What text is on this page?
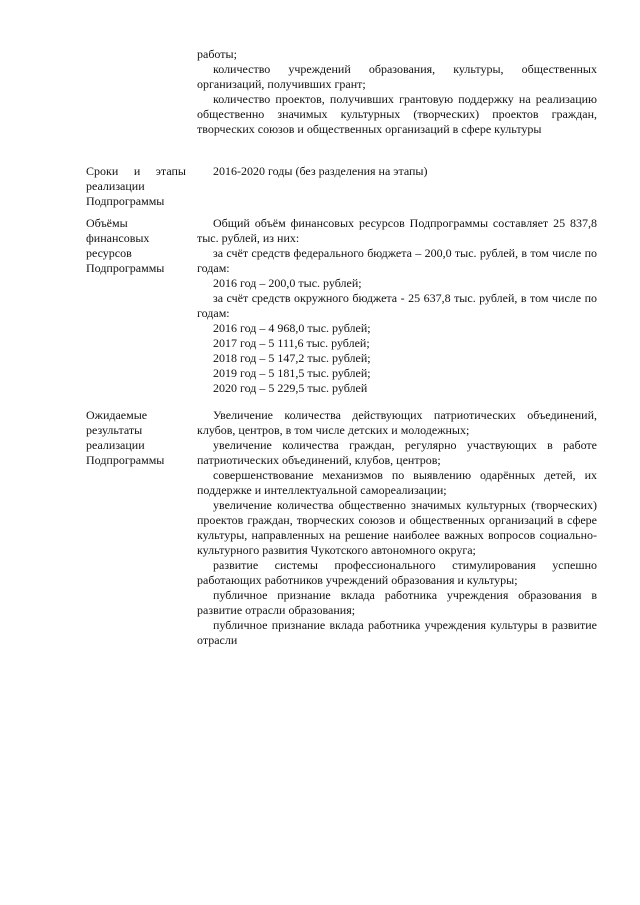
работы;

количество учреждений образования, культуры, общественных организаций, получивших грант;

количество проектов, получивших грантовую поддержку на реализацию общественно значимых культурных (творческих) проектов граждан, творческих союзов и общественных организаций в сфере культуры

Сроки и этапы
реализации
Подпрограммы

2016-2020 годы (без разделения на этапы)

Объёмы
финансовых
ресурсов
Подпрограммы

Общий объём финансовых ресурсов Подпрограммы составляет 25 837,8 тыс. рублей, из них:

за счёт средств федерального бюджета – 200,0 тыс. рублей, в том числе по годам:

2016 год – 200,0 тыс. рублей;

за счёт средств окружного бюджета - 25 637,8 тыс. рублей, в том числе по годам:

2016 год – 4 968,0 тыс. рублей;

2017 год – 5 111,6 тыс. рублей;

2018 год – 5 147,2 тыс. рублей;

2019 год – 5 181,5 тыс. рублей;

2020 год – 5 229,5 тыс. рублей

Ожидаемые
результаты
реализации
Подпрограммы

Увеличение количества действующих патриотических объединений, клубов, центров, в том числе детских и молодежных;

увеличение количества граждан, регулярно участвующих в работе патриотических объединений, клубов, центров;

совершенствование механизмов по выявлению одарённых детей, их поддержке и интеллектуальной самореализации;

увеличение количества общественно значимых культурных (творческих) проектов граждан, творческих союзов и общественных организаций в сфере культуры, направленных на решение наиболее важных вопросов социально-культурного развития Чукотского автономного округа;

развитие системы профессионального стимулирования успешно работающих работников учреждений образования и культуры;

публичное признание вклада работника учреждения образования в развитие отрасли образования;

публичное признание вклада работника учреждения культуры в развитие отрасли
